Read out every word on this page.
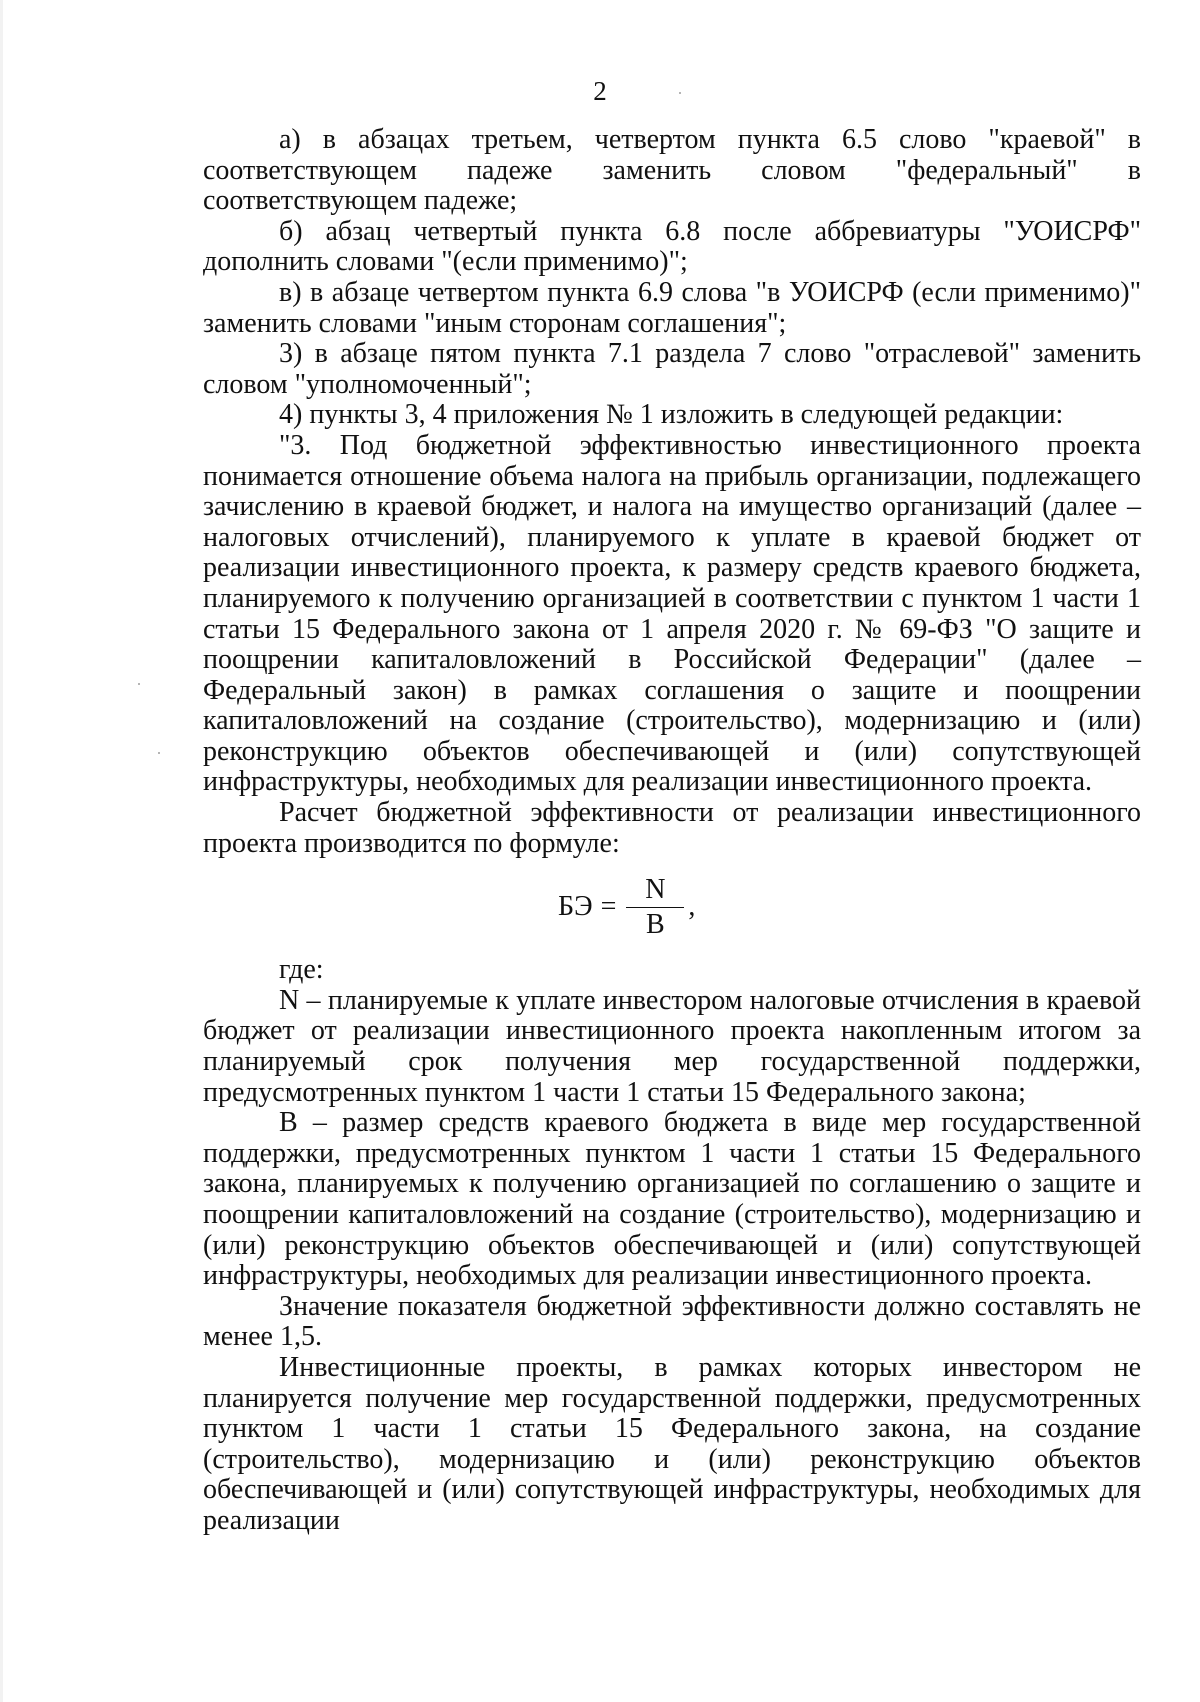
2

а) в абзацах третьем, четвертом пункта 6.5 слово "краевой" в соответствующем падеже заменить словом "федеральный" в соответствующем падеже;

б) абзац четвертый пункта 6.8 после аббревиатуры "УОИСРФ" дополнить словами "(если применимо)";

в) в абзаце четвертом пункта 6.9 слова "в УОИСРФ (если применимо)" заменить словами "иным сторонам соглашения";

3) в абзаце пятом пункта 7.1 раздела 7 слово "отраслевой" заменить словом "уполномоченный";

4) пункты 3, 4 приложения № 1 изложить в следующей редакции:

"3. Под бюджетной эффективностью инвестиционного проекта понимается отношение объема налога на прибыль организации, подлежащего зачислению в краевой бюджет, и налога на имущество организаций (далее – налоговых отчислений), планируемого к уплате в краевой бюджет от реализации инвестиционного проекта, к размеру средств краевого бюджета, планируемого к получению организацией в соответствии с пунктом 1 части 1 статьи 15 Федерального закона от 1 апреля 2020 г. № 69-ФЗ "О защите и поощрении капиталовложений в Российской Федерации" (далее – Федеральный закон) в рамках соглашения о защите и поощрении капиталовложений на создание (строительство), модернизацию и (или) реконструкцию объектов обеспечивающей и (или) сопутствующей инфраструктуры, необходимых для реализации инвестиционного проекта.

Расчет бюджетной эффективности от реализации инвестиционного проекта производится по формуле:

БЭ = $\frac{N}{B}$ ,

где:

N – планируемые к уплате инвестором налоговые отчисления в краевой бюджет от реализации инвестиционного проекта накопленным итогом за планируемый срок получения мер государственной поддержки, предусмотренных пунктом 1 части 1 статьи 15 Федерального закона;

B – размер средств краевого бюджета в виде мер государственной поддержки, предусмотренных пунктом 1 части 1 статьи 15 Федерального закона, планируемых к получению организацией по соглашению о защите и поощрении капиталовложений на создание (строительство), модернизацию и (или) реконструкцию объектов обеспечивающей и (или) сопутствующей инфраструктуры, необходимых для реализации инвестиционного проекта.

Значение показателя бюджетной эффективности должно составлять не менее 1,5.

Инвестиционные проекты, в рамках которых инвестором не планируется получение мер государственной поддержки, предусмотренных пунктом 1 части 1 статьи 15 Федерального закона, на создание (строительство), модернизацию и (или) реконструкцию объектов обеспечивающей и (или) сопутствующей инфраструктуры, необходимых для реализации
